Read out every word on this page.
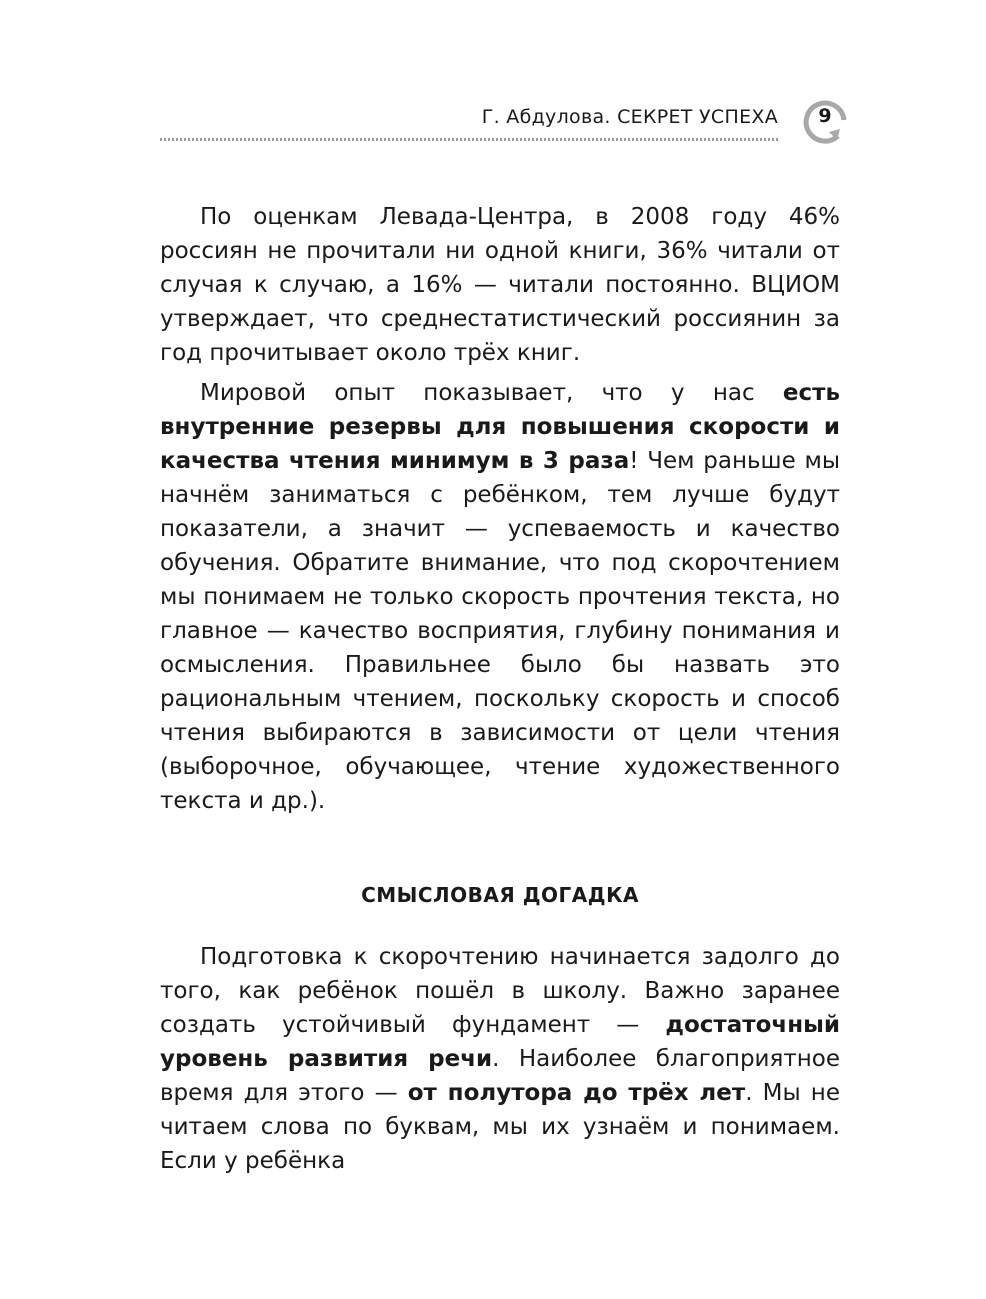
Г. Абдулова. СЕКРЕТ УСПЕХА	9

По оценкам Левада-Центра, в 2008 году 46% россиян не прочитали ни одной книги, 36% читали от случая к случаю, а 16% — читали постоянно. ВЦИОМ утверждает, что среднестатистический россиянин за год прочитывает около трёх книг.

Мировой опыт показывает, что у нас есть внутренние резервы для повышения скорости и качества чтения минимум в 3 раза! Чем раньше мы начнём заниматься с ребёнком, тем лучше будут показатели, а значит — успеваемость и качество обучения. Обратите внимание, что под скорочтением мы понимаем не только скорость прочтения текста, но главное — качество восприятия, глубину понимания и осмысления. Правильнее было бы назвать это рациональным чтением, поскольку скорость и способ чтения выбираются в зависимости от цели чтения (выборочное, обучающее, чтение художественного текста и др.).

СМЫСЛОВАЯ ДОГАДКА

Подготовка к скорочтению начинается задолго до того, как ребёнок пошёл в школу. Важно заранее создать устойчивый фундамент — достаточный уровень развития речи. Наиболее благоприятное время для этого — от полутора до трёх лет. Мы не читаем слова по буквам, мы их узнаём и понимаем. Если у ребёнка
